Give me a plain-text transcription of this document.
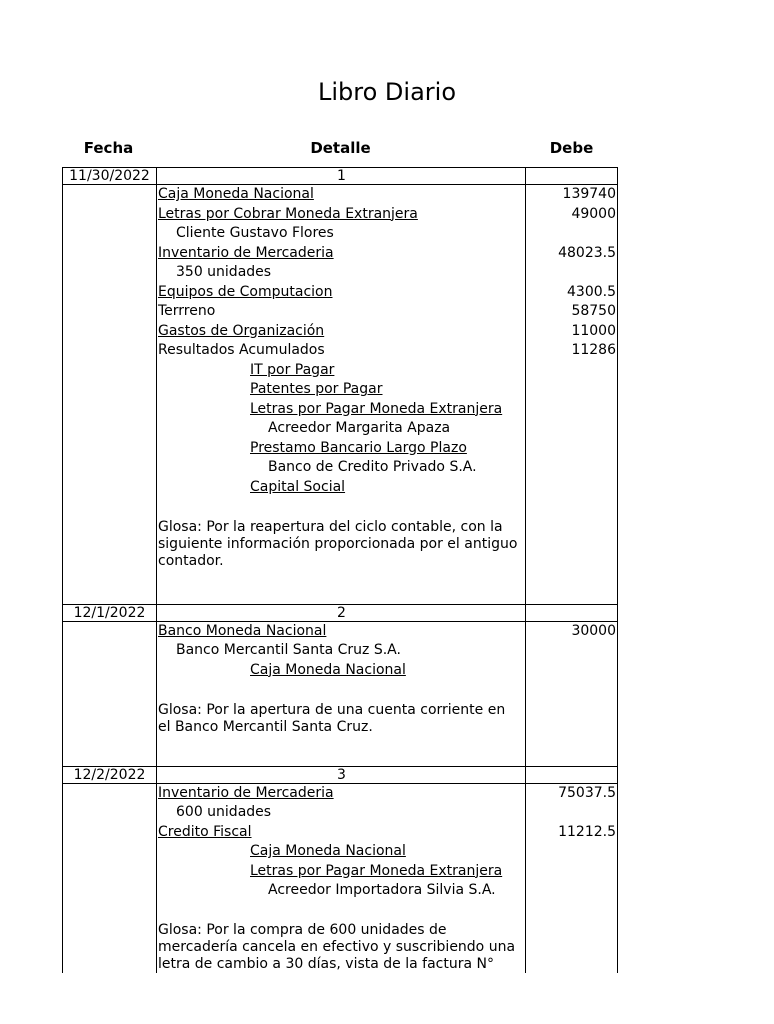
Libro Diario
Fecha	Detalle	Debe
11/30/2022	1
Caja Moneda Nacional	139740
Letras por Cobrar Moneda Extranjera	49000
Cliente Gustavo Flores
Inventario de Mercaderia	48023.5
350 unidades
Equipos de Computacion	4300.5
Terrreno	58750
Gastos de Organización	11000
Resultados Acumulados	11286
IT por Pagar
Patentes por Pagar
Letras por Pagar Moneda Extranjera
Acreedor Margarita Apaza
Prestamo Bancario Largo Plazo
Banco de Credito Privado S.A.
Capital Social
Glosa: Por la reapertura del ciclo contable, con la siguiente información proporcionada por el antiguo contador.
12/1/2022	2
Banco Moneda Nacional	30000
Banco Mercantil Santa Cruz S.A.
Caja Moneda Nacional
Glosa: Por la apertura de una cuenta corriente en el Banco Mercantil Santa Cruz.
12/2/2022	3
Inventario de Mercaderia	75037.5
600 unidades
Credito Fiscal	11212.5
Caja Moneda Nacional
Letras por Pagar Moneda Extranjera
Acreedor Importadora Silvia S.A.
Glosa: Por la compra de 600 unidades de mercadería cancela en efectivo y suscribiendo una letra de cambio a 30 días, vista de la factura N°
